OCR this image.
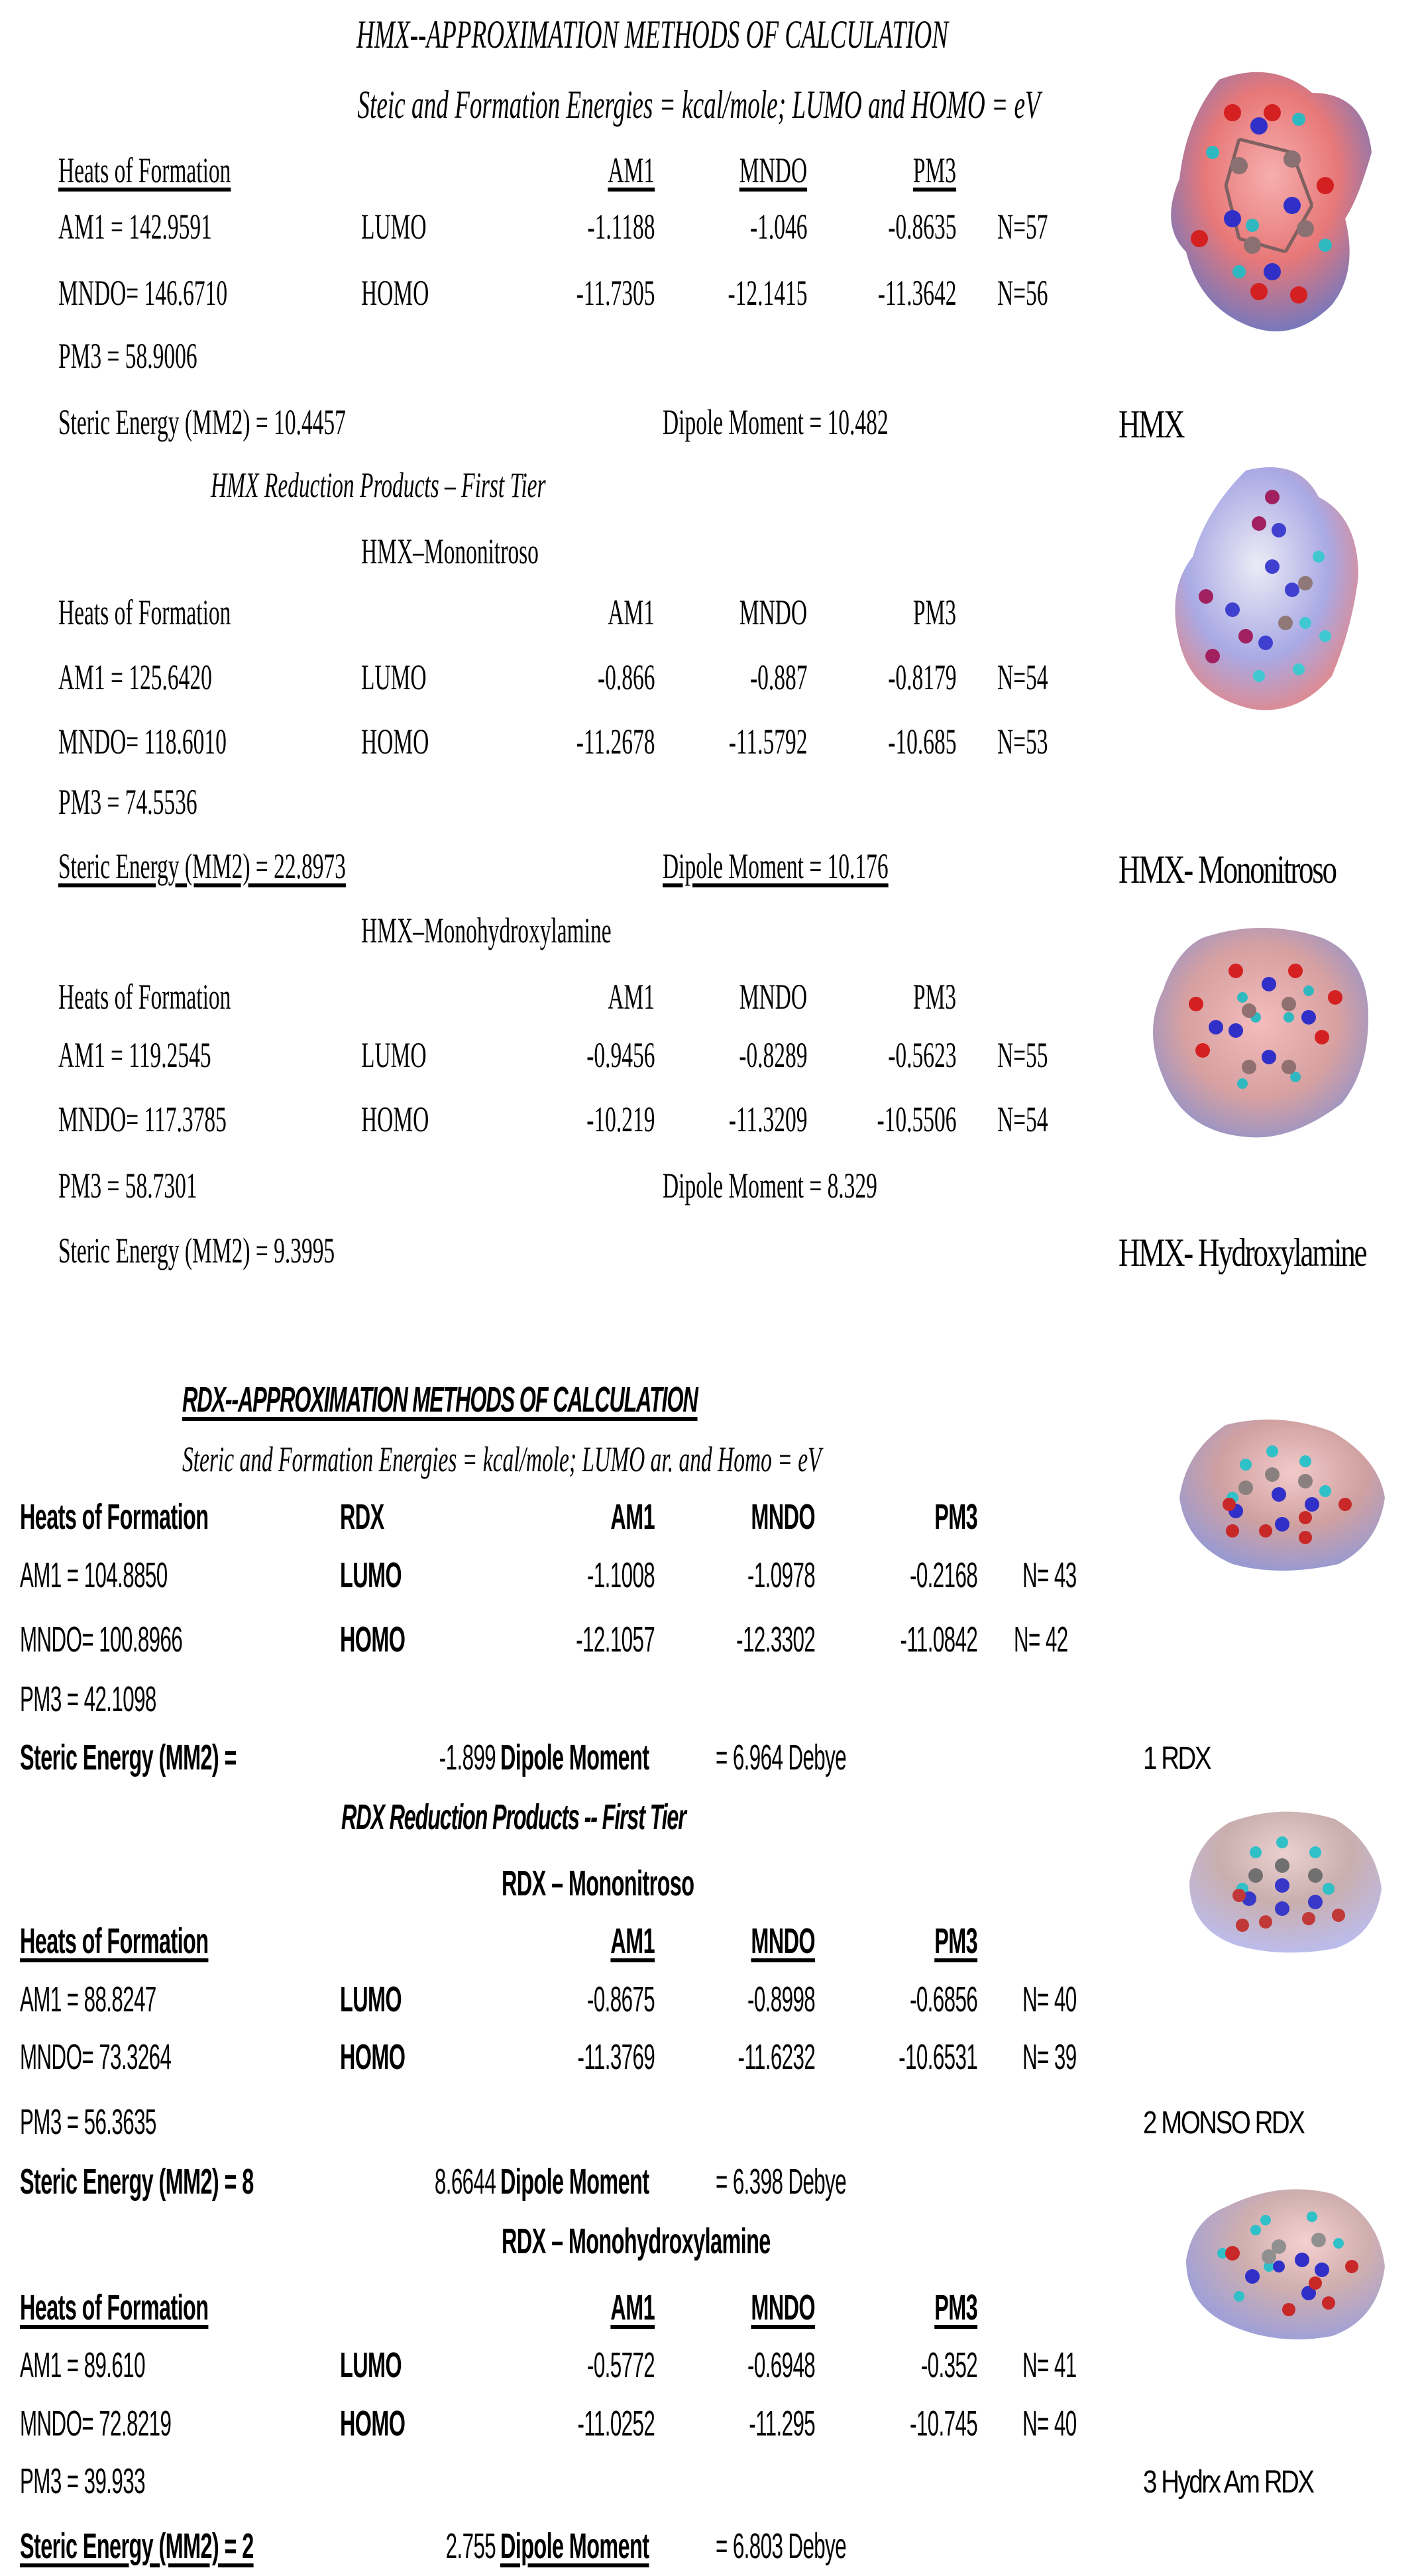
HMX--APPROXIMATION METHODS OF CALCULATION
Steic and Formation Energies = kcal/mole; LUMO and HOMO = eV
Heats of Formation	AM1 MNDO	PM3
AM1 = 142.9591	LUMO	-1.1188	-1.046 -0.8635 N=57
MNDO= 146.6710	HOMO	-11.7305 -12.1415 -11.3642 N=56
PM3 = 58.9006
Steric Energy (MM2) = 10.4457	Dipole Moment = 10.482	HMX
HMX Reduction Products – First Tier
HMX–Mononitroso
Heats of Formation	AM1 MNDO	PM3
AM1 = 125.6420	LUMO	-0.866	-0.887 -0.8179 N=54
MNDO= 118.6010	HOMO	-11.2678 -11.5792 -10.685 N=53
PM3 = 74.5536
Steric Energy (MM2) = 22.8973	Dipole Moment = 10.176	HMX- Mononitroso
HMX–Monohydroxylamine
Heats of Formation	AM1 MNDO	PM3
AM1 = 119.2545	LUMO	-0.9456 -0.8289 -0.5623 N=55
MNDO= 117.3785	HOMO	-10.219 -11.3209 -10.5506 N=54
PM3 = 58.7301	Dipole Moment = 8.329
Steric Energy (MM2) = 9.3995	HMX- Hydroxylamine
RDX--APPROXIMATION METHODS OF CALCULATION
Steric and Formation Energies = kcal/mole; LUMO ar. and Homo = eV
Heats of Formation	RDX	AM1	MNDO	PM3
AM1 = 104.8850	LUMO	-1.1008	-1.0978	-0.2168 N= 43
MNDO= 100.8966	HOMO	-12.1057 -12.3302 -11.0842 N= 42
PM3 = 42.1098
Steric Energy (MM2) =	-1.899 Dipole Moment = 6.964 Debye	1 RDX
RDX Reduction Products -- First Tier
RDX – Mononitroso
Heats of Formation	AM1	MNDO	PM3
AM1 = 88.8247	LUMO	-0.8675	-0.8998	-0.6856 N= 40
MNDO= 73.3264	HOMO	-11.3769 -11.6232 -10.6531 N= 39
PM3 = 56.3635
Steric Energy (MM2) = 8	8.6644 Dipole Moment = 6.398 Debye
2 MONSO RDX
RDX – Monohydroxylamine
Heats of Formation	AM1	MNDO	PM3
AM1 = 89.610	LUMO	-0.5772	-0.6948	-0.352 N= 41
MNDO= 72.8219	HOMO	-11.0252	-11.295	-10.745 N= 40
PM3 = 39.933
Steric Energy (MM2) = 2	2.755 Dipole Moment = 6.803 Debye
3 Hydrx Am RDX
